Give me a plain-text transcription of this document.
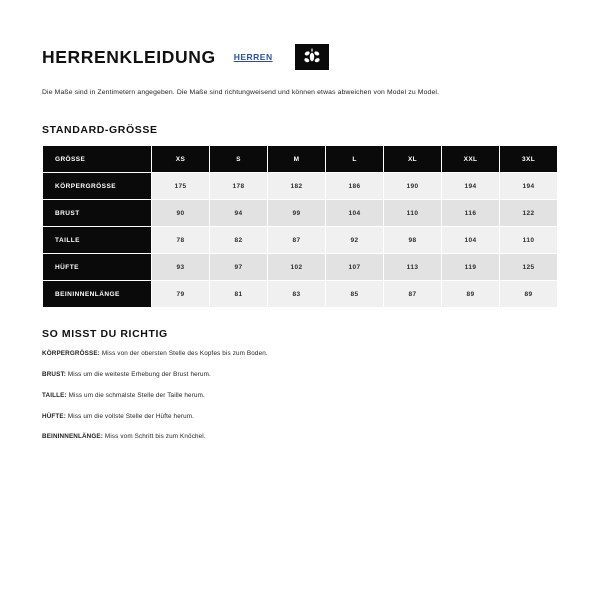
HERRENKLEIDUNG HERREN

Die Maße sind in Zentimetern angegeben. Die Maße sind richtungweisend und können etwas abweichen von Model zu Model.

STANDARD-GRÖSSE
GRÖSSE	XS	S	M	L	XL	XXL	3XL
KÖRPERGRÖSSE	175	178	182	186	190	194	194
BRUST	90	94	99	104	110	116	122
TAILLE	78	82	87	92	98	104	110
HÜFTE	93	97	102	107	113	119	125
BEININNENLÄNGE	79	81	83	85	87	89	89
SO MISST DU RICHTIG
KÖRPERGRÖSSE: Miss von der obersten Stelle des Kopfes bis zum Boden.
BRUST: Miss um die weiteste Erhebung der Brust herum.
TAILLE: Miss um die schmalste Stelle der Taille herum.
HÜFTE: Miss um die vollste Stelle der Hüfte herum.
BEININNENLÄNGE: Miss vom Schritt bis zum Knöchel.
